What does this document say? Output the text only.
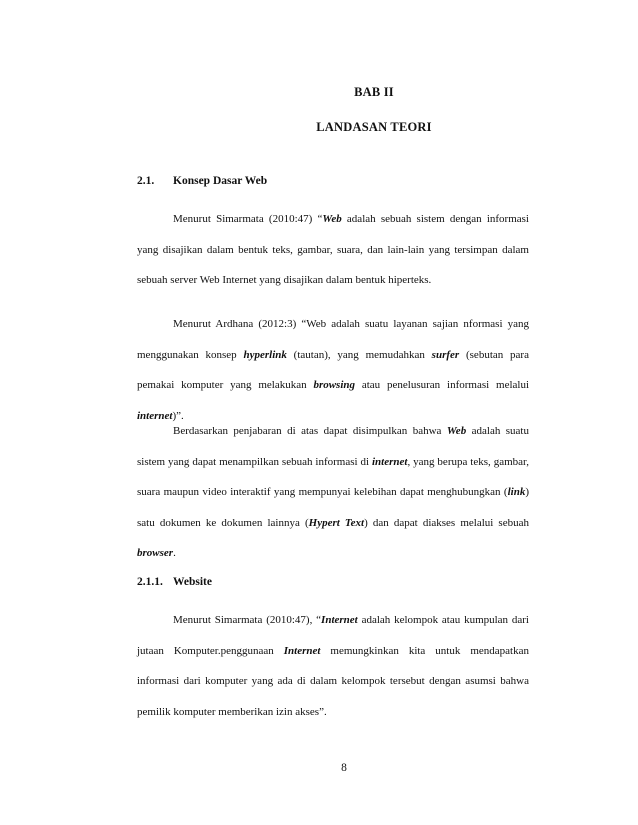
BAB II
LANDASAN TEORI
2.1. Konsep Dasar Web

Menurut Simarmata (2010:47) “Web adalah sebuah sistem dengan informasi yang disajikan dalam bentuk teks, gambar, suara, dan lain-lain yang tersimpan dalam sebuah server Web Internet yang disajikan dalam bentuk hiperteks.

Menurut Ardhana (2012:3) “Web adalah suatu layanan sajian nformasi yang menggunakan konsep hyperlink (tautan), yang memudahkan surfer (sebutan para pemakai komputer yang melakukan browsing atau penelusuran informasi melalui internet)”.

Berdasarkan penjabaran di atas dapat disimpulkan bahwa Web adalah suatu sistem yang dapat menampilkan sebuah informasi di internet, yang berupa teks, gambar, suara maupun video interaktif yang mempunyai kelebihan dapat menghubungkan (link) satu dokumen ke dokumen lainnya (Hypert Text) dan dapat diakses melalui sebuah browser.

2.1.1. Website

Menurut Simarmata (2010:47), “Internet adalah kelompok atau kumpulan dari jutaan Komputer.penggunaan Internet memungkinkan kita untuk mendapatkan informasi dari komputer yang ada di dalam kelompok tersebut dengan asumsi bahwa pemilik komputer memberikan izin akses”.

8
